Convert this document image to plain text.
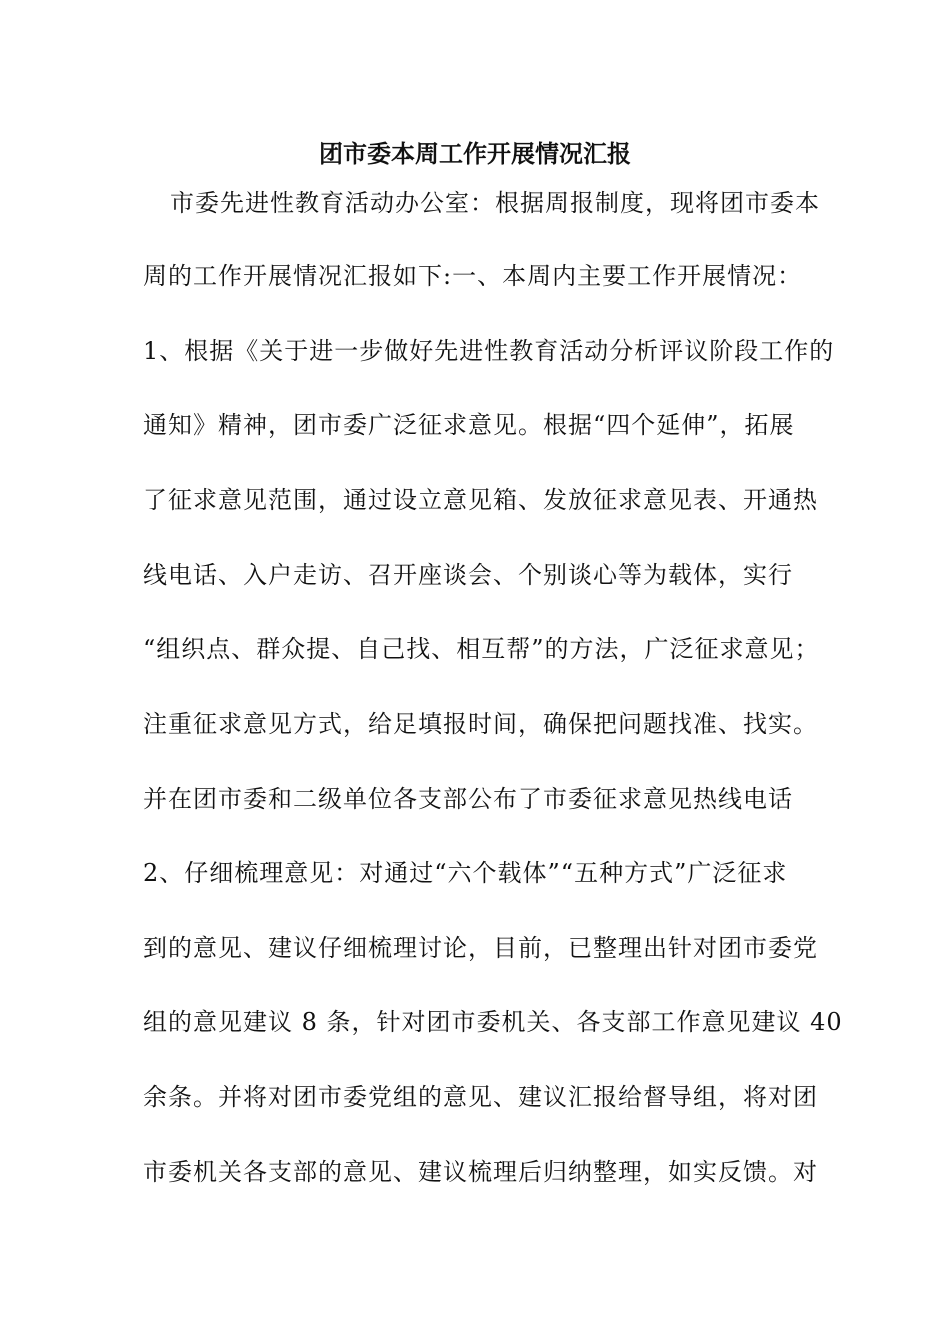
团市委本周工作开展情况汇报
市委先进性教育活动办公室：根据周报制度，现将团市委本
周的工作开展情况汇报如下:一、本周内主要工作开展情况：
1、根据《关于进一步做好先进性教育活动分析评议阶段工作的
通知》精神，团市委广泛征求意见。根据“四个延伸”，拓展
了征求意见范围，通过设立意见箱、发放征求意见表、开通热
线电话、入户走访、召开座谈会、个别谈心等为载体，实行
“组织点、群众提、自己找、相互帮”的方法，广泛征求意见；
注重征求意见方式，给足填报时间，确保把问题找准、找实。
并在团市委和二级单位各支部公布了市委征求意见热线电话
2、仔细梳理意见：对通过“六个载体”“五种方式”广泛征求
到的意见、建议仔细梳理讨论，目前，已整理出针对团市委党
组的意见建议 8 条，针对团市委机关、各支部工作意见建议 40
余条。并将对团市委党组的意见、建议汇报给督导组，将对团
市委机关各支部的意见、建议梳理后归纳整理，如实反馈。对
